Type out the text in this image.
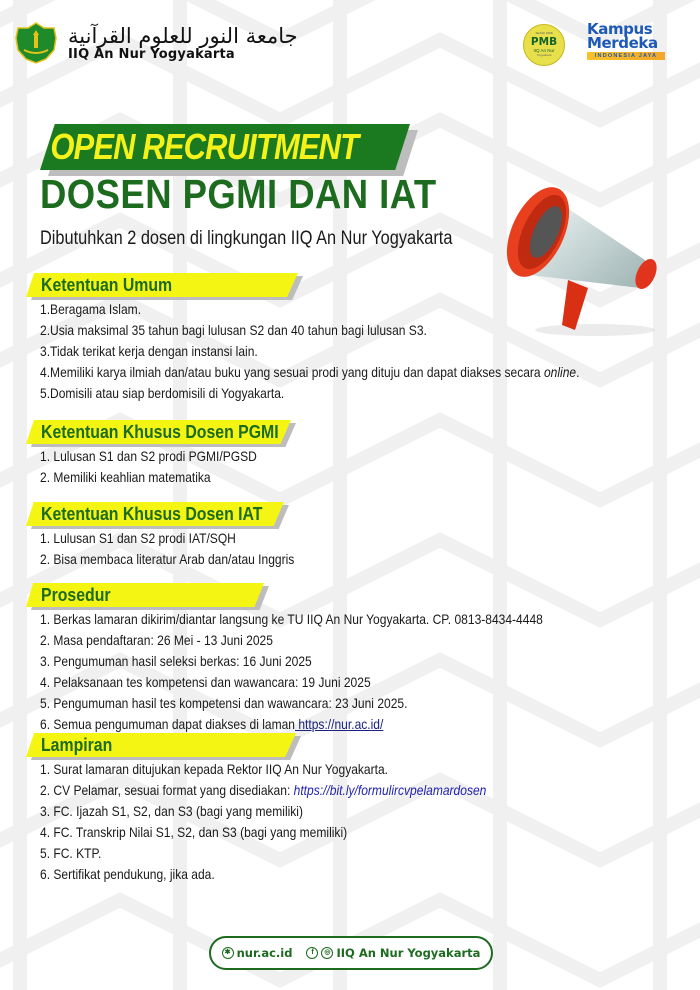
جامعة النور للعلوم القرآنية
IIQ An Nur Yogyakarta
SEJAK 1998
PMB
IIQ An Nur
Yogyakarta
Kampus
Merdeka
INDONESIA JAYA
OPEN RECRUITMENT
DOSEN PGMI DAN IAT
Dibutuhkan 2 dosen di lingkungan IIQ An Nur Yogyakarta
Ketentuan Umum
1.Beragama Islam.
2.Usia maksimal 35 tahun bagi lulusan S2 dan 40 tahun bagi lulusan S3.
3.Tidak terikat kerja dengan instansi lain.
4.Memiliki karya ilmiah dan/atau buku yang sesuai prodi yang dituju dan dapat diakses secara online.
5.Domisili atau siap berdomisili di Yogyakarta.
Ketentuan Khusus Dosen PGMI
1. Lulusan S1 dan S2 prodi PGMI/PGSD
2. Memiliki keahlian matematika
Ketentuan Khusus Dosen IAT
1. Lulusan S1 dan S2 prodi IAT/SQH
2. Bisa membaca literatur Arab dan/atau Inggris
Prosedur
1. Berkas lamaran dikirim/diantar langsung ke TU IIQ An Nur Yogyakarta. CP. 0813-8434-4448
2. Masa pendaftaran: 26 Mei - 13 Juni 2025
3. Pengumuman hasil seleksi berkas: 16 Juni 2025
4. Pelaksanaan tes kompetensi dan wawancara: 19 Juni 2025
5. Pengumuman hasil tes kompetensi dan wawancara: 23 Juni 2025.
6. Semua pengumuman dapat diakses di laman https://nur.ac.id/
Lampiran
1. Surat lamaran ditujukan kepada Rektor IIQ An Nur Yogyakarta.
2. CV Pelamar, sesuai format yang disediakan: https://bit.ly/formulircvpelamardosen
3. FC. Ijazah S1, S2, dan S3 (bagi yang memiliki)
4. FC. Transkrip Nilai S1, S2, dan S3 (bagi yang memiliki)
5. FC. KTP.
6. Sertifikat pendukung, jika ada.
✱ nur.ac.id	f	◎ IIQ An Nur Yogyakarta
